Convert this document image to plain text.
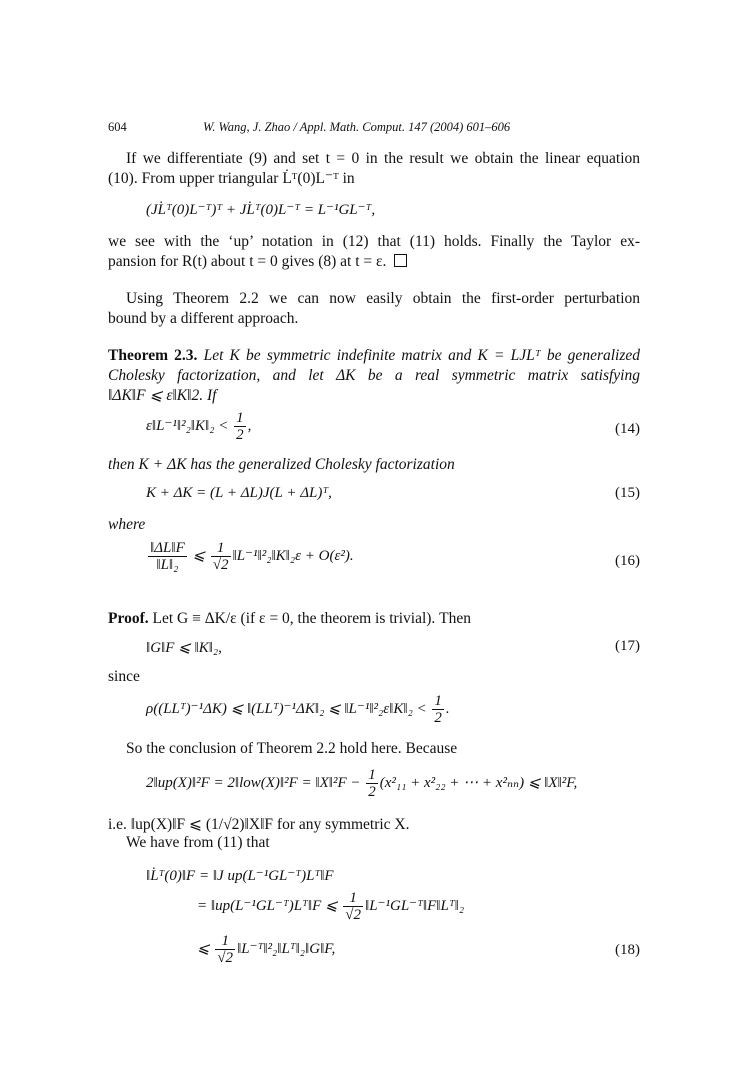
604	W. Wang, J. Zhao / Appl. Math. Comput. 147 (2004) 601–606
If we differentiate (9) and set t = 0 in the result we obtain the linear equation
(10). From upper triangular L̇ᵀ(0)L⁻ᵀ in
(JL̇ᵀ(0)L⁻ᵀ)ᵀ + JL̇ᵀ(0)L⁻ᵀ = L⁻¹GL⁻ᵀ,
we see with the ‘up’ notation in (12) that (11) holds. Finally the Taylor ex-
pansion for R(t) about t = 0 gives (8) at t = ε.
Using Theorem 2.2 we can now easily obtain the first-order perturbation
bound by a different approach.
Theorem 2.3. Let K be symmetric indefinite matrix and K = LJLᵀ be generalized
Cholesky factorization, and let ΔK be a real symmetric matrix satisfying
‖ΔK‖F ⩽ ε‖K‖2. If
ε‖L⁻¹‖²₂‖K‖₂ < $\frac{1}{2}$ ,	(14)
then K + ΔK has the generalized Cholesky factorization
K + ΔK = (L + ΔL)J(L + ΔL)ᵀ,	(15)
where
$\frac{‖\Delta L‖F}{\text{‖L‖₂}}$ ⩽ $\frac{1}{√2}$ ‖L⁻¹‖²₂‖K‖₂ε + O(ε²).	(16)
Proof. Let G ≡ ΔK/ε (if ε = 0, the theorem is trivial). Then
‖G‖F ⩽ ‖K‖₂,	(17)
since
ρ((LLᵀ)⁻¹ΔK) ⩽ ‖(LLᵀ)⁻¹ΔK‖₂ ⩽ ‖L⁻¹‖²₂ε‖K‖₂ < $\frac{1}{2}$ .
So the conclusion of Theorem 2.2 hold here. Because
2‖up(X)‖²F = 2‖low(X)‖²F = ‖X‖²F − $\frac{1}{2} (x^2_{11} + x^2_{22}$ + ⋯ + x²ₙₙ) ⩽ ‖X‖²F,
i.e. ‖up(X)‖F ⩽ (1/√2)‖X‖F for any symmetric X.
We have from (11) that
‖L̇ᵀ(0)‖F = ‖J up(L⁻¹GL⁻ᵀ)Lᵀ‖F
= ‖up(L⁻¹GL⁻ᵀ)Lᵀ‖F ⩽ $\frac{1}{√2}$ ‖L⁻¹GL⁻ᵀ‖F‖Lᵀ‖₂
⩽ $\frac{1}{√2}$ ‖L⁻ᵀ‖²₂‖Lᵀ‖₂‖G‖F,	(18)
